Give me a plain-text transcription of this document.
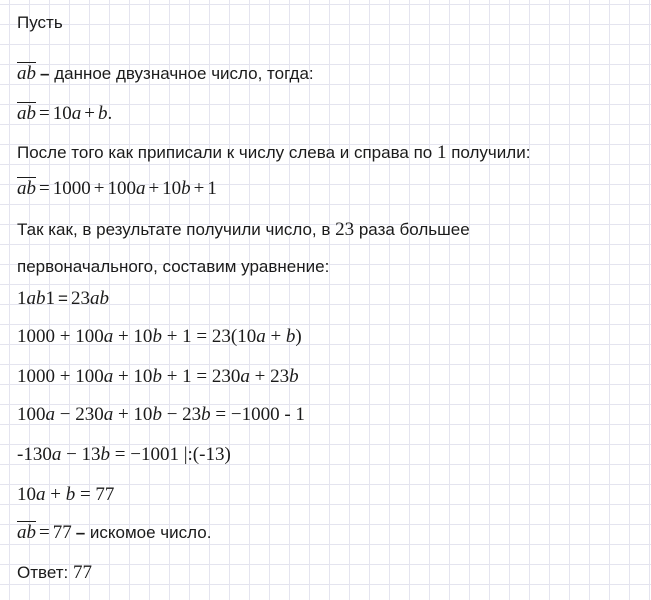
Пусть
ab – данное двузначное число, тогда:
ab = 10a + b.
После того как приписали к числу слева и справа по 1 получили:
ab = 1000 + 100a + 10b + 1
Так как, в результате получили число, в 23 раза большее
первоначального, составим уравнение:
1ab1 = 23ab
1000 + 100a + 10b + 1 = 23(10a + b)
1000 + 100a + 10b + 1 = 230a + 23b
100a − 230a + 10b − 23b = −1000 - 1
-130a − 13b = −1001 |:(-13)
10a + b = 77
ab = 77 – искомое число.
Ответ: 77
